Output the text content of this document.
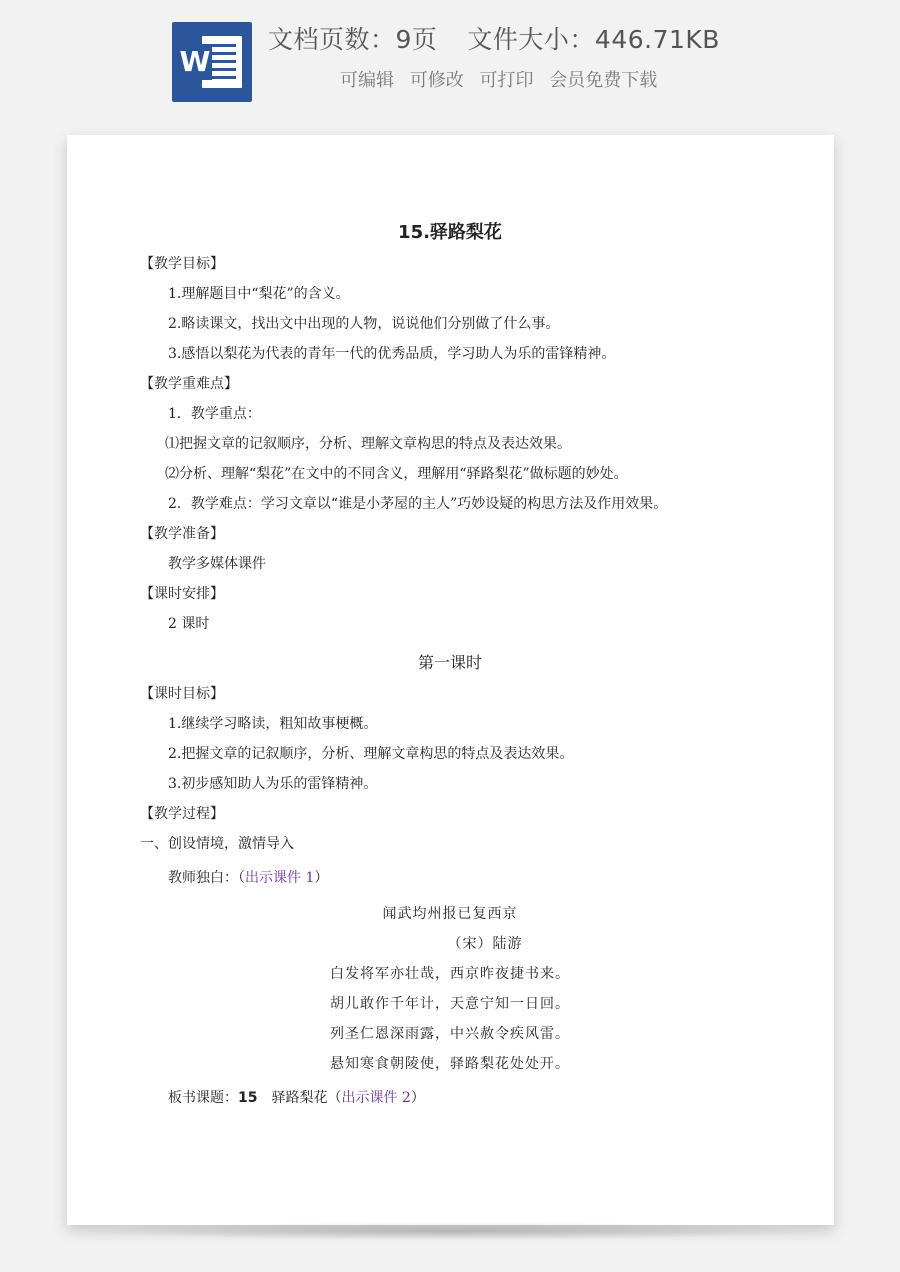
W
文档页数：9页 文件大小：446.71KB
可编辑 可修改 可打印 会员免费下载
15.驿路梨花
【教学目标】
1.理解题目中“梨花”的含义。
2.略读课文，找出文中出现的人物，说说他们分别做了什么事。
3.感悟以梨花为代表的青年一代的优秀品质，学习助人为乐的雷锋精神。
【教学重难点】
1．教学重点：
⑴把握文章的记叙顺序，分析、理解文章构思的特点及表达效果。
⑵分析、理解“梨花”在文中的不同含义，理解用“驿路梨花”做标题的妙处。
2．教学难点：学习文章以“谁是小茅屋的主人”巧妙设疑的构思方法及作用效果。
【教学准备】
教学多媒体课件
【课时安排】
2 课时
第一课时
【课时目标】
1.继续学习略读，粗知故事梗概。
2.把握文章的记叙顺序，分析、理解文章构思的特点及表达效果。
3.初步感知助人为乐的雷锋精神。
【教学过程】
一、创设情境，激情导入
教师独白：（出示课件 1）
闻武均州报已复西京
（宋）陆游
白发将军亦壮哉，西京昨夜捷书来。
胡儿敢作千年计，天意宁知一日回。
列圣仁恩深雨露，中兴赦令疾风雷。
悬知寒食朝陵使，驿路梨花处处开。
板书课题：15 驿路梨花（出示课件 2）
